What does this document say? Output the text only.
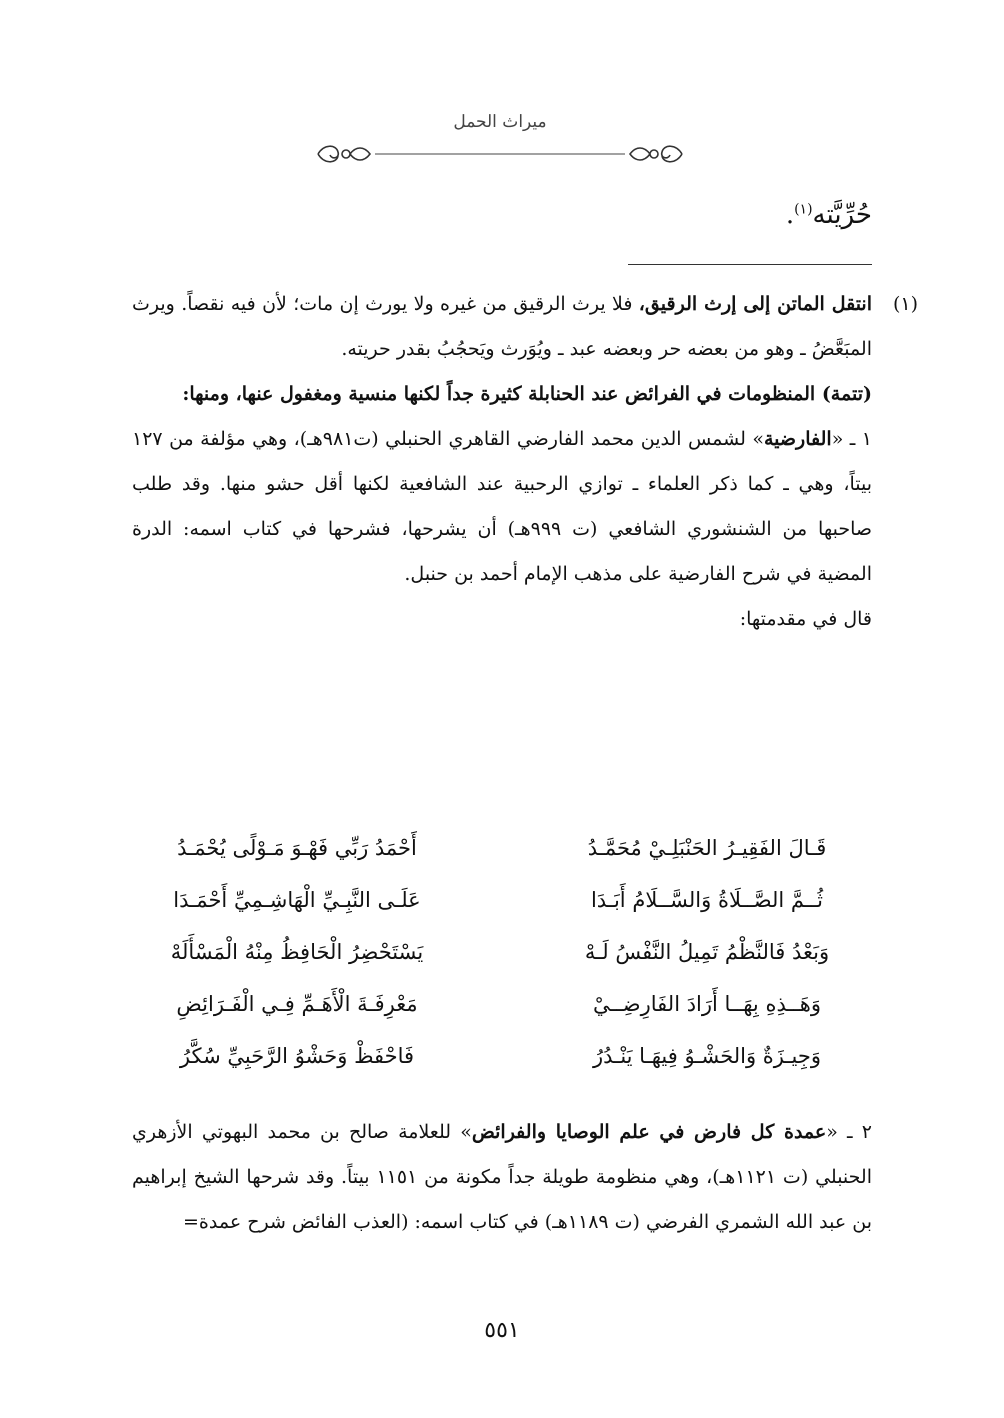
ميراث الحمل
حُرِّيَّته$^{(١)}$.
(١)

انتقل الماتن إلى إرث الرقيق، فلا يرث الرقيق من غيره ولا يورث إن مات؛ لأن فيه نقصاً. ويرث المبَعَّضُ ـ وهو من بعضه حر وبعضه عبد ـ ويُوَرث ويَحجُبُ بقدر حريته.

(تتمة) المنظومات في الفرائض عند الحنابلة كثيرة جداً لكنها منسية ومغفول عنها، ومنها:

١ ـ «الفارضية» لشمس الدين محمد الفارضي القاهري الحنبلي (ت٩٨١هـ)، وهي مؤلفة من ١٢٧ بيتاً، وهي ـ كما ذكر العلماء ـ توازي الرحبية عند الشافعية لكنها أقل حشو منها. وقد طلب صاحبها من الشنشوري الشافعي (ت ٩٩٩هـ) أن يشرحها، فشرحها في كتاب اسمه: الدرة المضية في شرح الفارضية على مذهب الإمام أحمد بن حنبل.

قال في مقدمتها:

قَـالَ الفَقِيـرُ الحَنْبَلِـيْ مُحَمَّـدُ
أَحْمَدُ رَبِّي فَهْـوَ مَـوْلًى يُحْمَـدُ
ثُــمَّ الصَّــلَاةُ وَالسَّــلَامُ أَبَـدَا
عَلَـى النَّبِـيِّ الْهَاشِـمِيِّ أَحْمَـدَا
وَبَعْدُ فَالنَّظْمُ تَمِيلُ النَّفْسُ لَـهْ
يَسْتَحْضِرُ الْحَافِظُ مِنْهُ الْمَسْأَلَهْ
وَهَــذِهِ بِهَــا أَرَادَ الفَارِضِــيْ
مَعْرِفَـةَ الْأَهَـمِّ فِـي الْفَـرَائِضِ
وَجِيـزَةٌ وَالحَشْـوُ فِيهَـا يَنْـدُرُ
فَاحْفَظْ وَحَشْوُ الرَّحَبِيِّ سُكَّرُ
٢ ـ «عمدة كل فارض في علم الوصايا والفرائض» للعلامة صالح بن محمد البهوتي الأزهري الحنبلي (ت ١١٢١هـ)، وهي منظومة طويلة جداً مكونة من ١١٥١ بيتاً. وقد شرحها الشيخ إبراهيم بن عبد الله الشمري الفرضي (ت ١١٨٩هـ) في كتاب اسمه: (العذب الفائض شرح عمدة=
٥٥١
